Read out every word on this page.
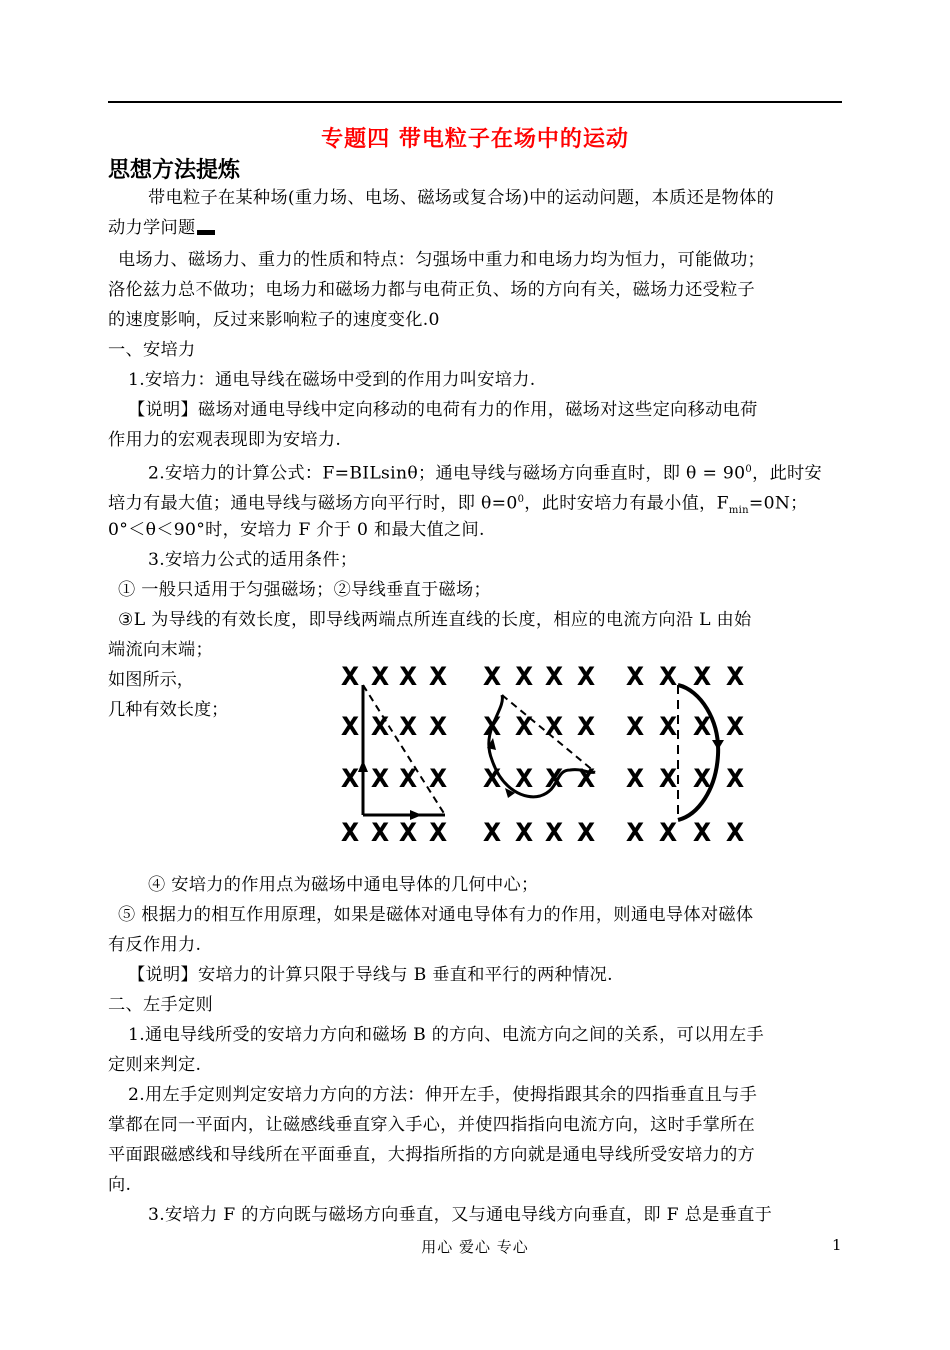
专题四 带电粒子在场中的运动
思想方法提炼
带电粒子在某种场(重力场、电场、磁场或复合场)中的运动问题，本质还是物体的
动力学问题
电场力、磁场力、重力的性质和特点：匀强场中重力和电场力均为恒力，可能做功；
洛伦兹力总不做功；电场力和磁场力都与电荷正负、场的方向有关，磁场力还受粒子
的速度影响，反过来影响粒子的速度变化.0
一、安培力
1.安培力：通电导线在磁场中受到的作用力叫安培力.
【说明】磁场对通电导线中定向移动的电荷有力的作用，磁场对这些定向移动电荷
作用力的宏观表现即为安培力.
2.安培力的计算公式：F=BILsinθ；通电导线与磁场方向垂直时，即 $\theta = 90^0$，此时安
培力有最大值；通电导线与磁场方向平行时，即 $\theta=0^0$，此时安培力有最小值，$F_{min}=0N$；
0°＜θ＜90°时，安培力 F 介于 0 和最大值之间.
3.安培力公式的适用条件；
① 一般只适用于匀强磁场；②导线垂直于磁场；
③L 为导线的有效长度，即导线两端点所连直线的长度，相应的电流方向沿 L 由始
端流向末端；
如图所示，
几种有效长度；
X X X X
X X X X
X X X X
X X X X
X X X X
X X X X
X X X X
X X X X
X X X X
X X X X
X X X X
X X X X
④ 安培力的作用点为磁场中通电导体的几何中心；
⑤ 根据力的相互作用原理，如果是磁体对通电导体有力的作用，则通电导体对磁体
有反作用力.
【说明】安培力的计算只限于导线与 B 垂直和平行的两种情况.
二、左手定则
1.通电导线所受的安培力方向和磁场 B 的方向、电流方向之间的关系，可以用左手
定则来判定.
2.用左手定则判定安培力方向的方法：伸开左手，使拇指跟其余的四指垂直且与手
掌都在同一平面内，让磁感线垂直穿入手心，并使四指指向电流方向，这时手掌所在
平面跟磁感线和导线所在平面垂直，大拇指所指的方向就是通电导线所受安培力的方
向.
3.安培力 F 的方向既与磁场方向垂直，又与通电导线方向垂直，即 F 总是垂直于
用心 爱心 专心	1
